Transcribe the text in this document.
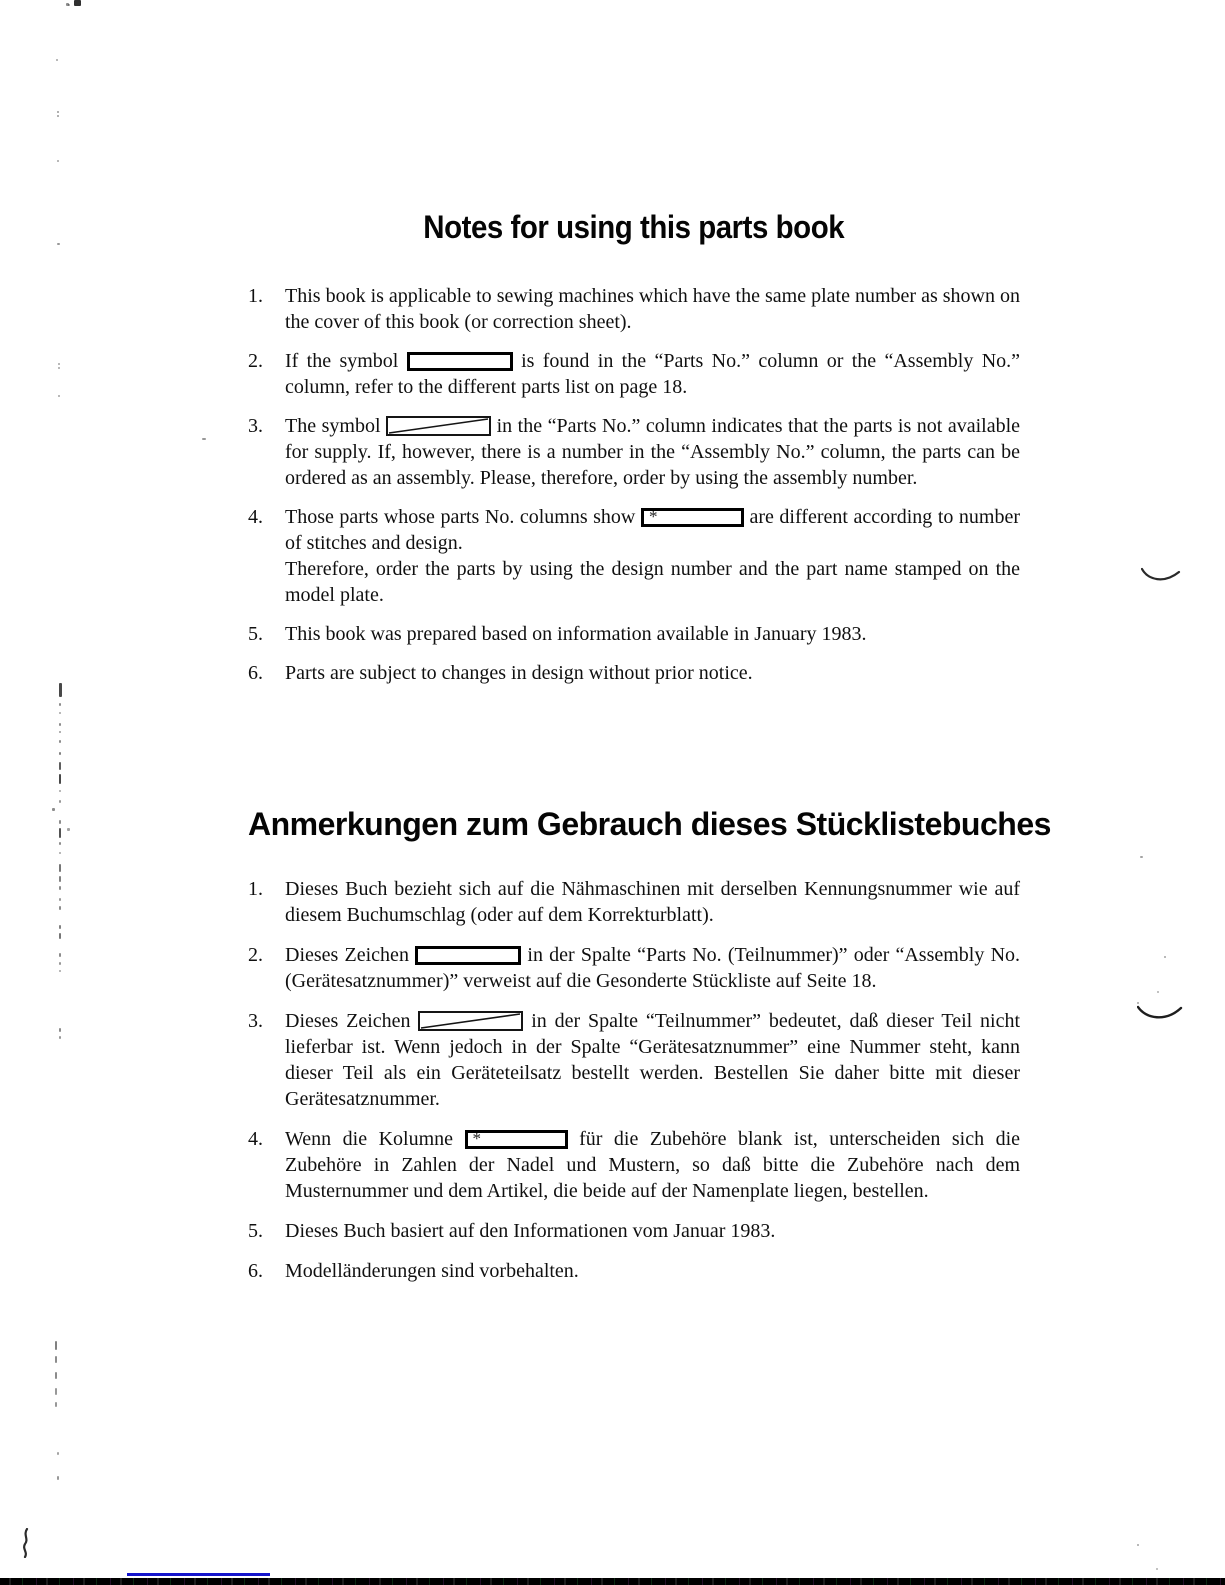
Notes for using this parts book
1.	This book is applicable to sewing machines which have the same plate number as shown on the cover of this book (or correction sheet).
2.	If the symbol	is found in the “Parts No.” column or the “Assembly No.” column, refer to the different parts list on page 18.
3.	The symbol	in the “Parts No.” column indicates that the parts is not available for supply. If, however, there is a number in the “Assembly No.” column, the parts can be ordered as an assembly. Please, therefore, order by using the assembly number.
4.	Those parts whose parts No. columns show *	are different according to number of stitches and design.
Therefore, order the parts by using the design number and the part name stamped on the model plate.
5.	This book was prepared based on information available in January 1983.
6.	Parts are subject to changes in design without prior notice.
Anmerkungen zum Gebrauch dieses Stücklistebuches
1.	Dieses Buch bezieht sich auf die Nähmaschinen mit derselben Kennungsnummer wie auf diesem Buchumschlag (oder auf dem Korrekturblatt).
2.	Dieses Zeichen	in der Spalte “Parts No. (Teilnummer)” oder “Assembly No. (Gerätesatznummer)” verweist auf die Gesonderte Stückliste auf Seite 18.
3.	Dieses Zeichen	in der Spalte “Teilnummer” bedeutet, daß dieser Teil nicht lieferbar ist. Wenn jedoch in der Spalte “Gerätesatznummer” eine Nummer steht, kann dieser Teil als ein Geräteteilsatz bestellt werden. Bestellen Sie daher bitte mit dieser Gerätesatznummer.
4.	Wenn die Kolumne *	für die Zubehöre blank ist, unterscheiden sich die Zubehöre in Zahlen der Nadel und Mustern, so daß bitte die Zubehöre nach dem Musternummer und dem Artikel, die beide auf der Namenplate liegen, bestellen.
5.	Dieses Buch basiert auf den Informationen vom Januar 1983.
6.	Modelländerungen sind vorbehalten.
